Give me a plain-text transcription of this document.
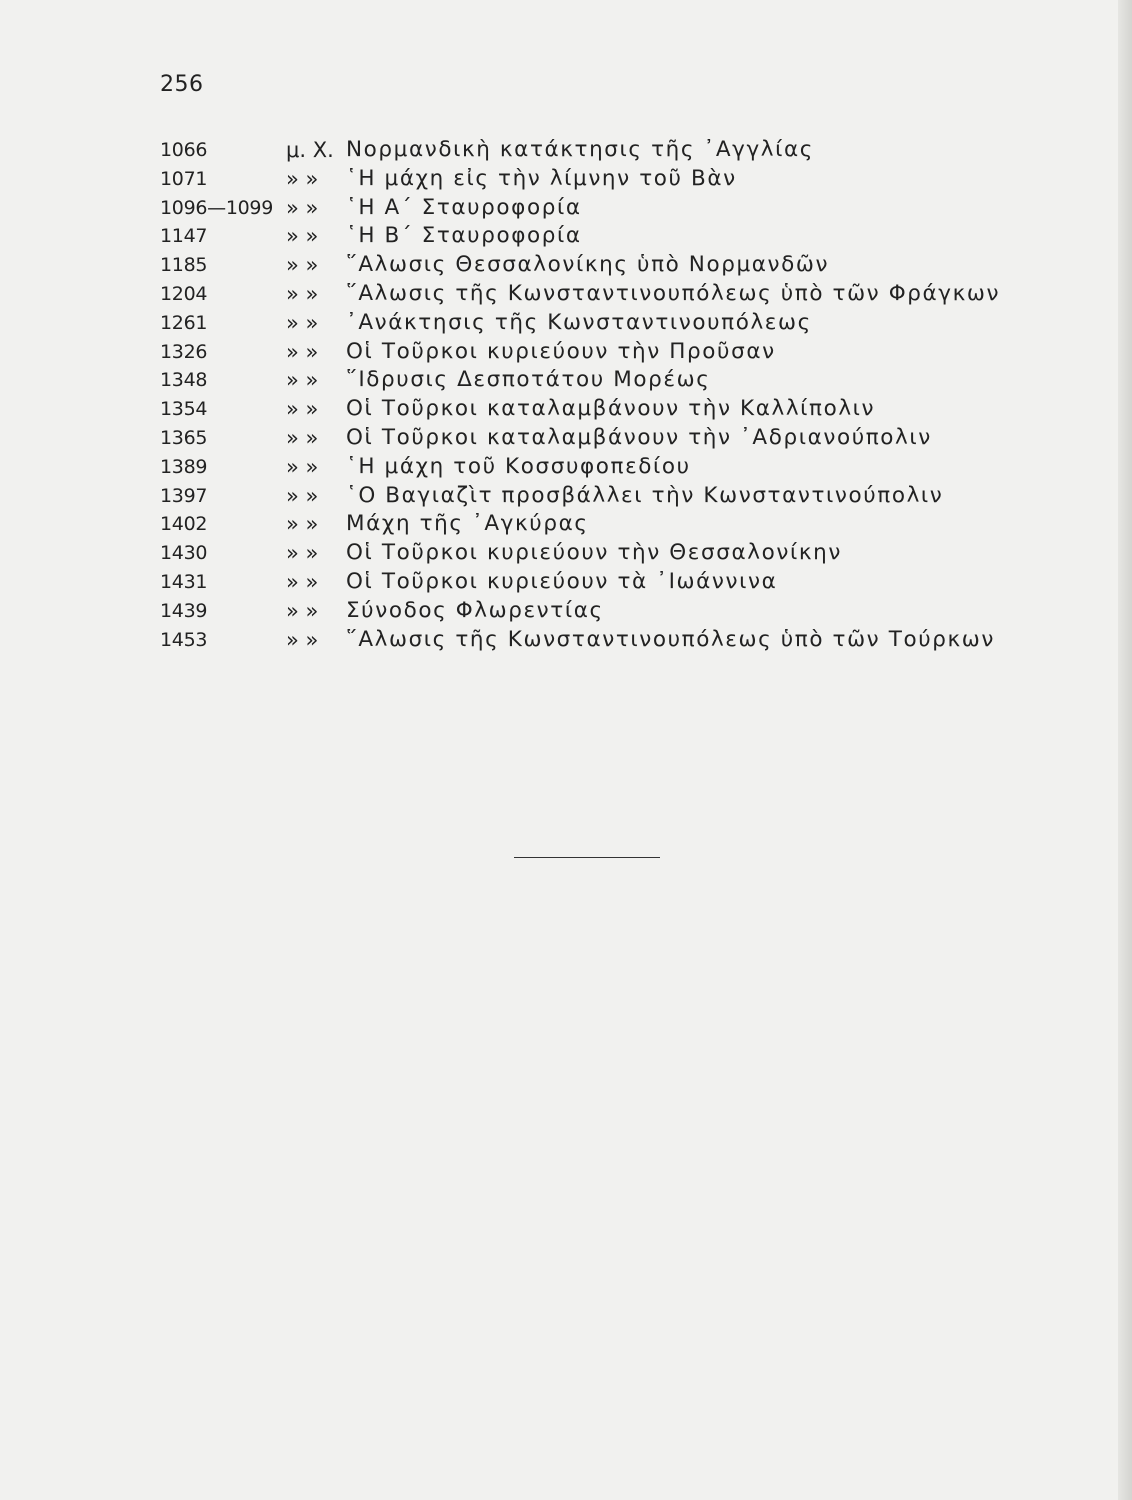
256
1066	μ. Χ. Νορμανδικὴ κατάκτησις τῆς ᾿Αγγλίας
1071	» » ῾Η μάχη εἰς τὴν λίμνην τοῦ Βὰν
1096—1099 » » ῾Η Α΄ Σταυροφορία
1147	» » ῾Η Β΄ Σταυροφορία
1185	» » ῞Αλωσις Θεσσαλονίκης ὑπὸ Νορμανδῶν
1204	» » ῞Αλωσις τῆς Κωνσταντινουπόλεως ὑπὸ τῶν Φράγκων
1261	» » ᾿Ανάκτησις τῆς Κωνσταντινουπόλεως
1326	» » Οἱ Τοῦρκοι κυριεύουν τὴν Προῦσαν
1348	» » ῞Ιδρυσις Δεσποτάτου Μορέως
1354	» » Οἱ Τοῦρκοι καταλαμβάνουν τὴν Καλλίπολιν
1365	» » Οἱ Τοῦρκοι καταλαμβάνουν τὴν ᾿Αδριανούπολιν
1389	» » ῾Η μάχη τοῦ Κοσσυφοπεδίου
1397	» » ῾Ο Βαγιαζὶτ προσβάλλει τὴν Κωνσταντινούπολιν
1402	» » Μάχη τῆς ᾿Αγκύρας
1430	» » Οἱ Τοῦρκοι κυριεύουν τὴν Θεσσαλονίκην
1431	» » Οἱ Τοῦρκοι κυριεύουν τὰ ᾿Ιωάννινα
1439	» » Σύνοδος Φλωρεντίας
1453	» » ῞Αλωσις τῆς Κωνσταντινουπόλεως ὑπὸ τῶν Τούρκων
